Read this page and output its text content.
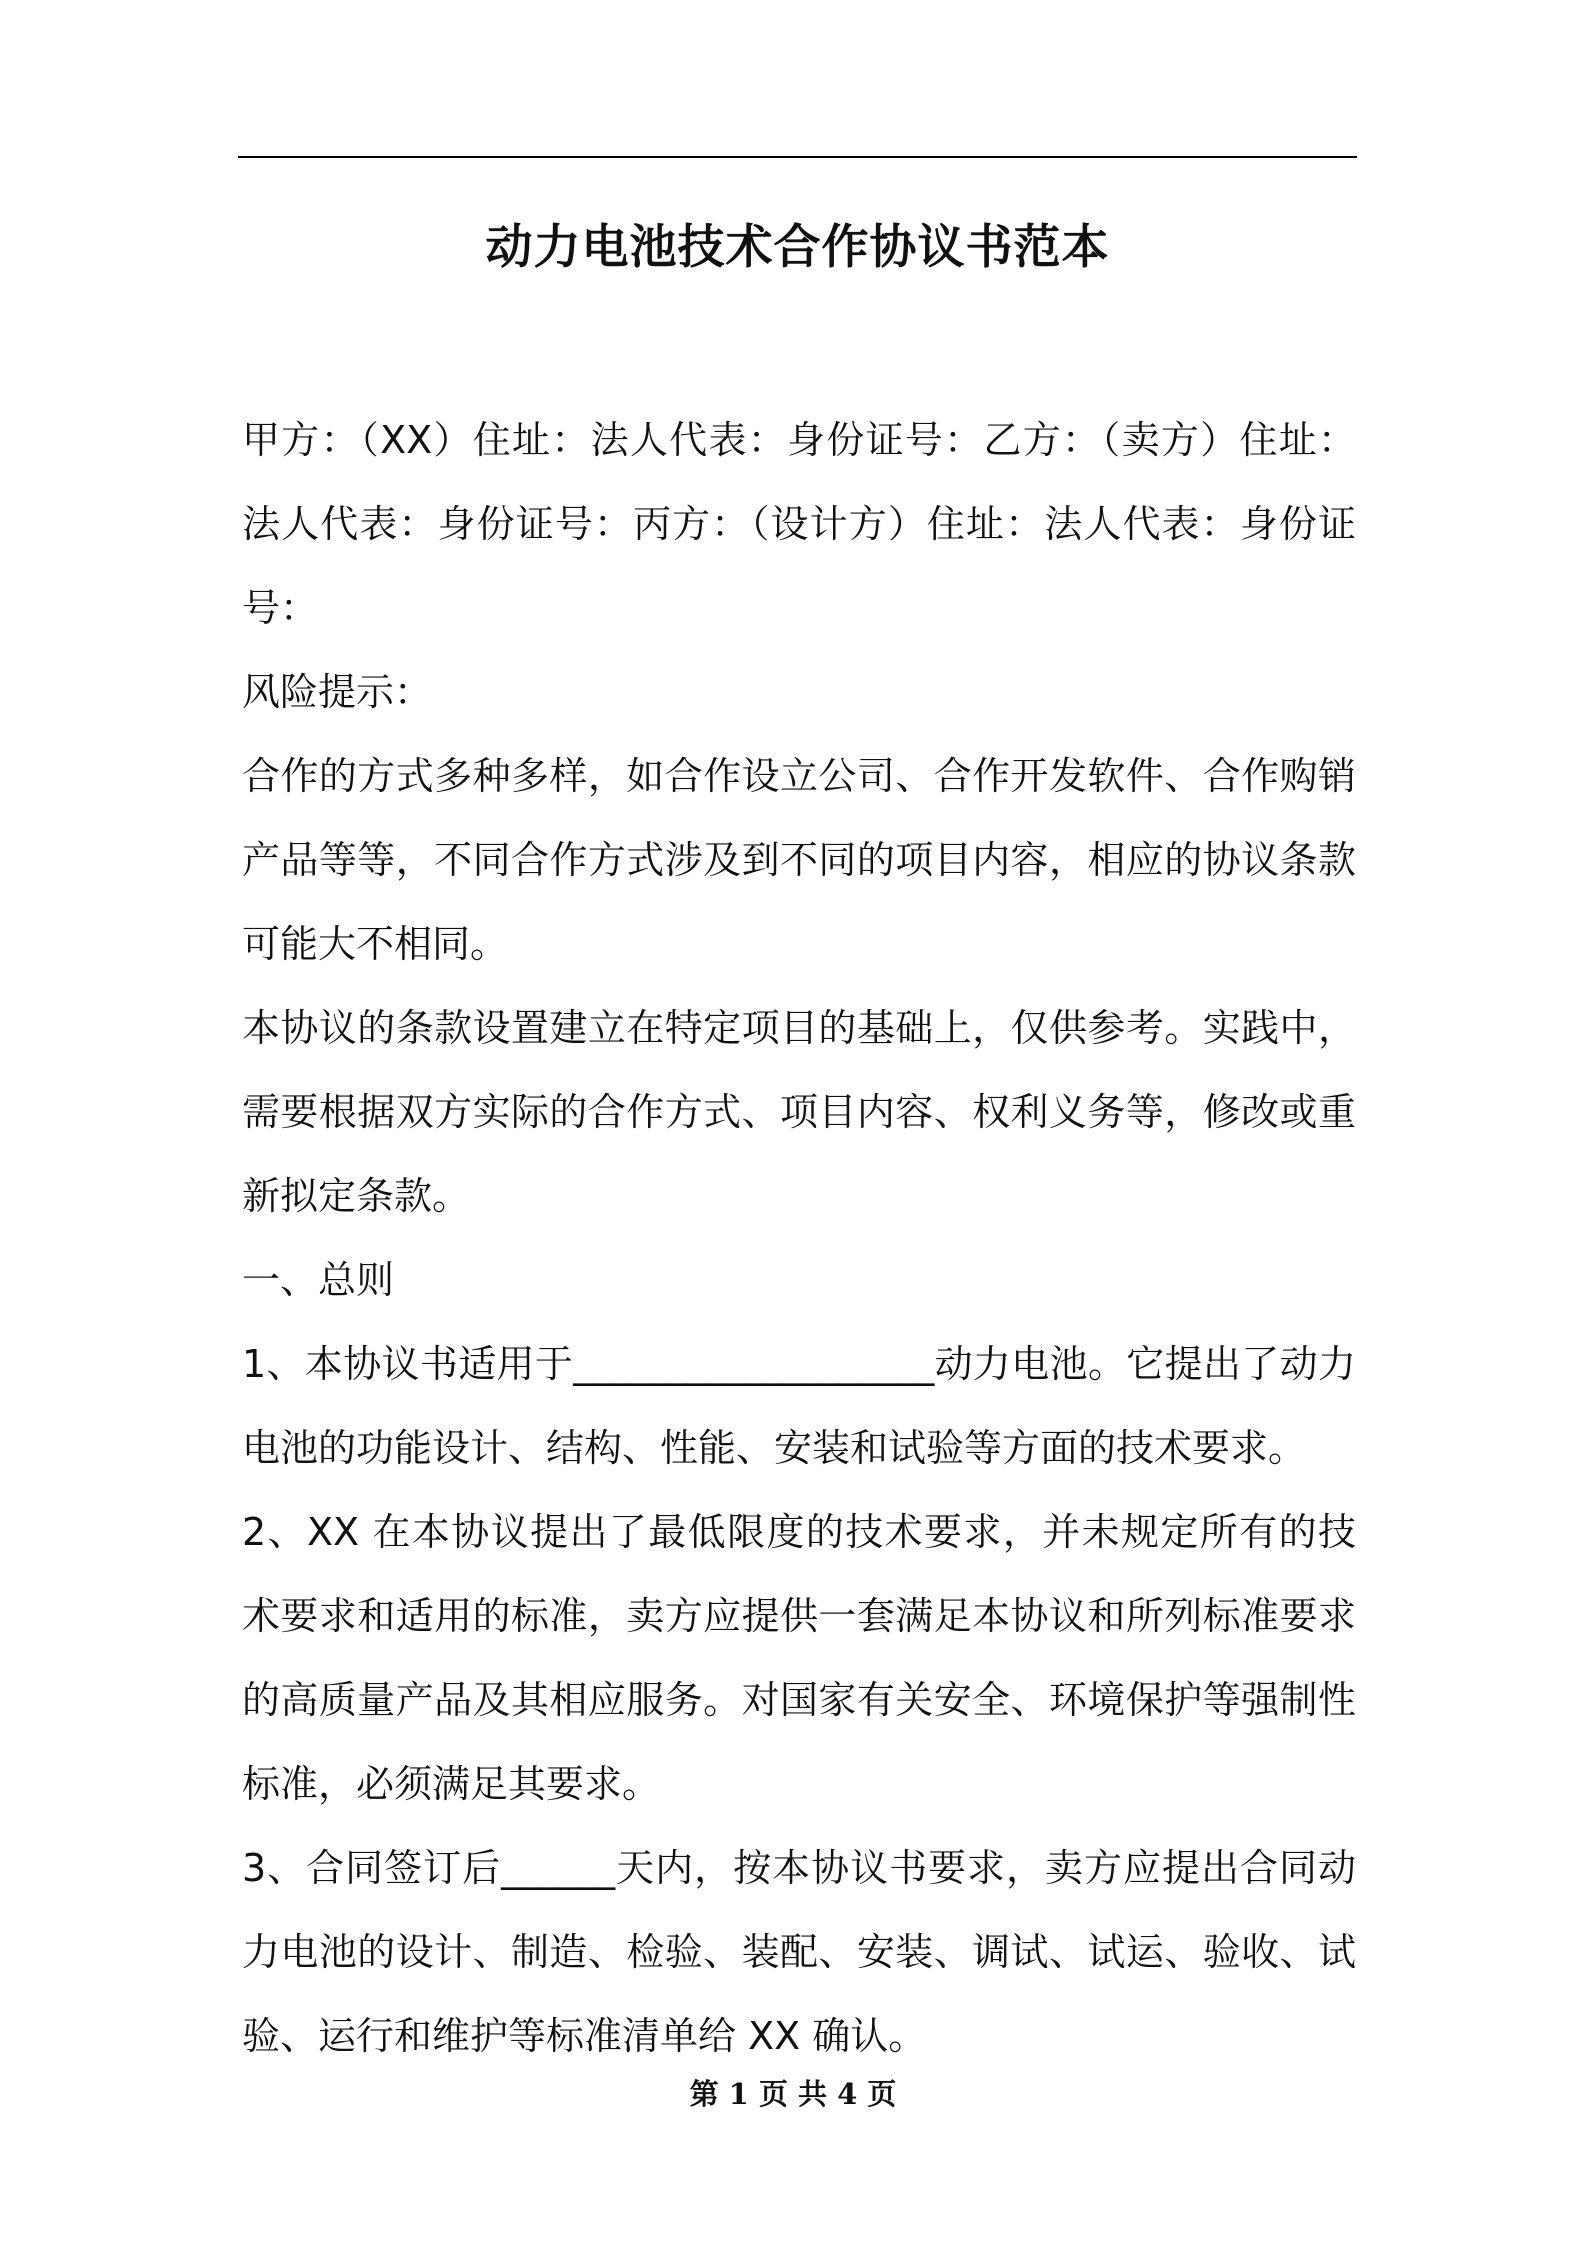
动力电池技术合作协议书范本

甲方：（XX）住址：法人代表：身份证号：乙方：（卖方）住址：法人代表：身份证号：丙方：（设计方）住址：法人代表：身份证号：

风险提示：

合作的方式多种多样，如合作设立公司、合作开发软件、合作购销产品等等，不同合作方式涉及到不同的项目内容，相应的协议条款可能大不相同。

本协议的条款设置建立在特定项目的基础上，仅供参考。实践中，需要根据双方实际的合作方式、项目内容、权利义务等，修改或重新拟定条款。

一、总则

1、本协议书适用于___________________动力电池。它提出了动力电池的功能设计、结构、性能、安装和试验等方面的技术要求。

2、XX 在本协议提出了最低限度的技术要求，并未规定所有的技术要求和适用的标准，卖方应提供一套满足本协议和所列标准要求的高质量产品及其相应服务。对国家有关安全、环境保护等强制性标准，必须满足其要求。

3、合同签订后______天内，按本协议书要求，卖方应提出合同动力电池的设计、制造、检验、装配、安装、调试、试运、验收、试验、运行和维护等标准清单给 XX 确认。

第 1 页 共 4 页
